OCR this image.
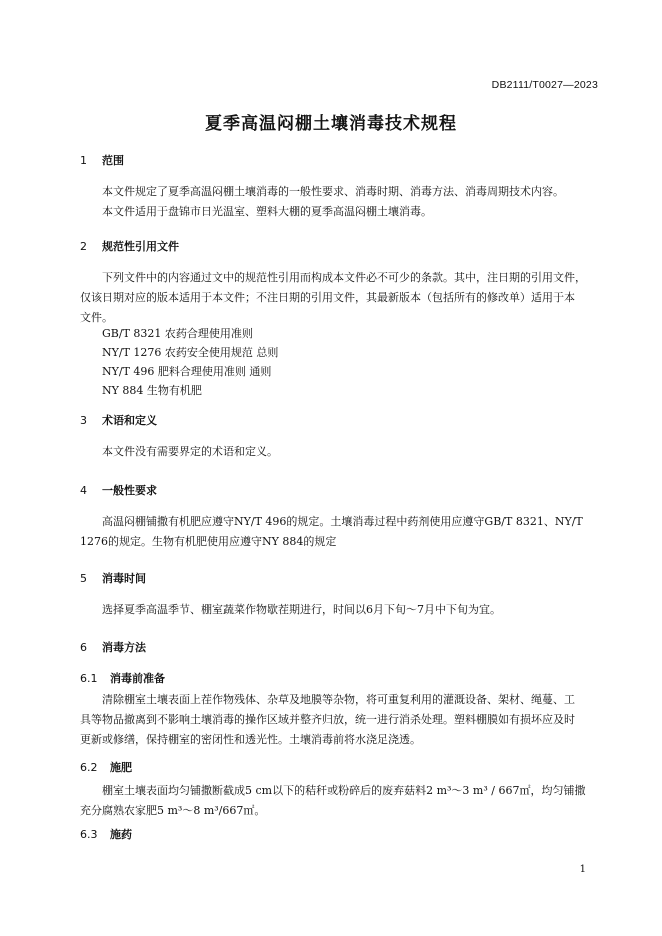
DB2111/T0027—2023
夏季高温闷棚土壤消毒技术规程
1 范围
本文件规定了夏季高温闷棚土壤消毒的一般性要求、消毒时期、消毒方法、消毒周期技术内容。
本文件适用于盘锦市日光温室、塑料大棚的夏季高温闷棚土壤消毒。
2 规范性引用文件
下列文件中的内容通过文中的规范性引用而构成本文件必不可少的条款。其中，注日期的引用文件，
仅该日期对应的版本适用于本文件；不注日期的引用文件，其最新版本（包括所有的修改单）适用于本
文件。
GB/T 8321 农药合理使用准则
NY/T 1276 农药安全使用规范 总则
NY/T 496 肥料合理使用准则 通则
NY 884 生物有机肥
3 术语和定义
本文件没有需要界定的术语和定义。
4 一般性要求
高温闷棚铺撒有机肥应遵守NY/T 496的规定。土壤消毒过程中药剂使用应遵守GB/T 8321、NY/T
1276的规定。生物有机肥使用应遵守NY 884的规定
5 消毒时间
选择夏季高温季节、棚室蔬菜作物歇茬期进行，时间以6月下旬～7月中下旬为宜。
6 消毒方法
6.1 消毒前准备
清除棚室土壤表面上茬作物残体、杂草及地膜等杂物，将可重复利用的灌溉设备、架材、绳蔓、工
具等物品撤离到不影响土壤消毒的操作区域并整齐归放，统一进行消杀处理。塑料棚膜如有损坏应及时
更新或修缮，保持棚室的密闭性和透光性。土壤消毒前将水浇足浇透。
6.2 施肥
棚室土壤表面均匀铺撒断截成5 cm以下的秸秆或粉碎后的废弃菇料2 m³～3 m³ / 667㎡，均匀铺撒
充分腐熟农家肥5 m³～8 m³/667㎡。
6.3 施药
1
